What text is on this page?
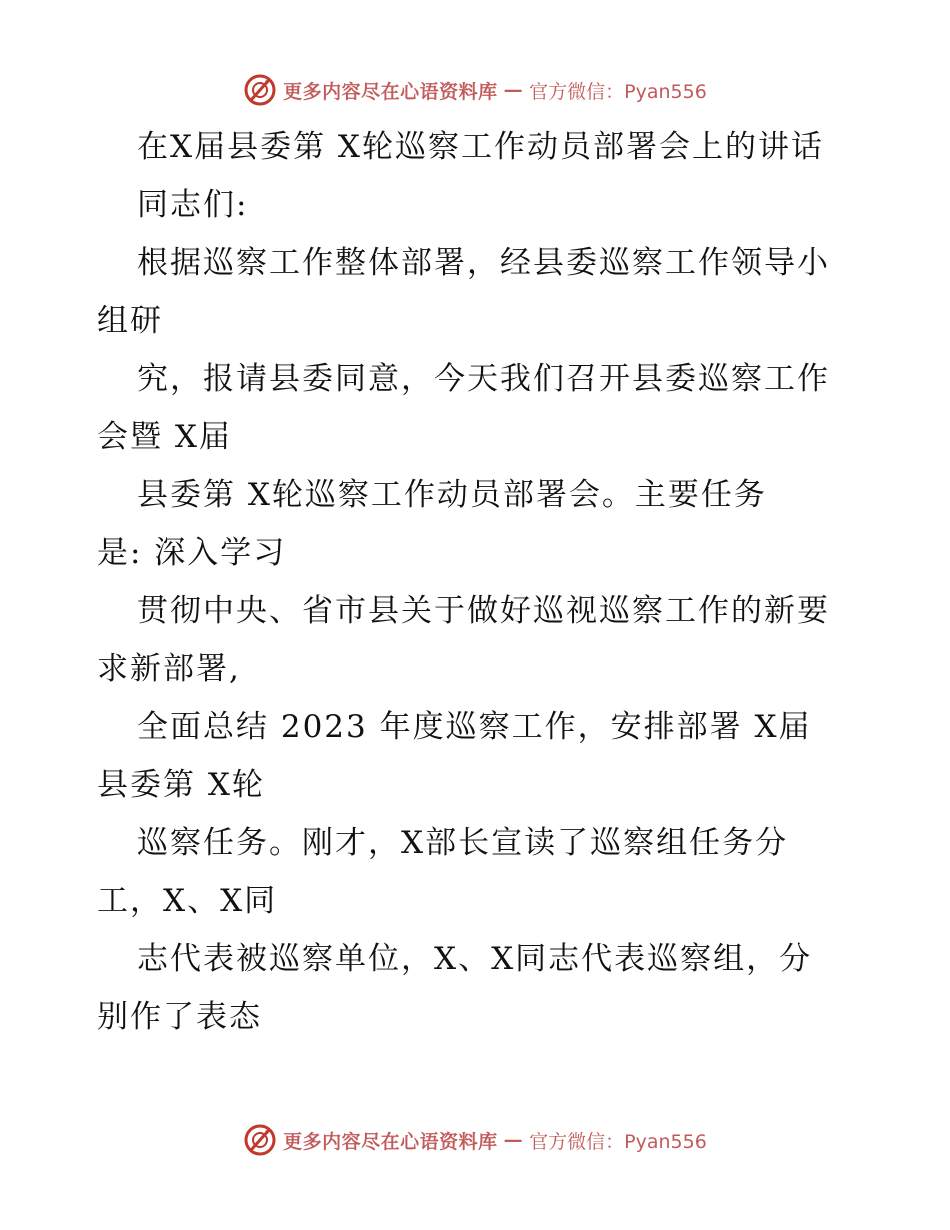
更多内容尽在心语资料库 — 官方微信：Pyan556
在X届县委第 X轮巡察工作动员部署会上的讲话
同志们:
根据巡察工作整体部署，经县委巡察工作领导小
组研
究，报请县委同意，今天我们召开县委巡察工作
会暨 X届
县委第 X轮巡察工作动员部署会。主要任务
是: 深入学习
贯彻中央、省市县关于做好巡视巡察工作的新要
求新部署,
全面总结 2023 年度巡察工作，安排部署 X届
县委第 X轮
巡察任务。刚才，X部长宣读了巡察组任务分
工，X、X同
志代表被巡察单位，X、X同志代表巡察组，分
别作了表态
更多内容尽在心语资料库 — 官方微信：Pyan556
